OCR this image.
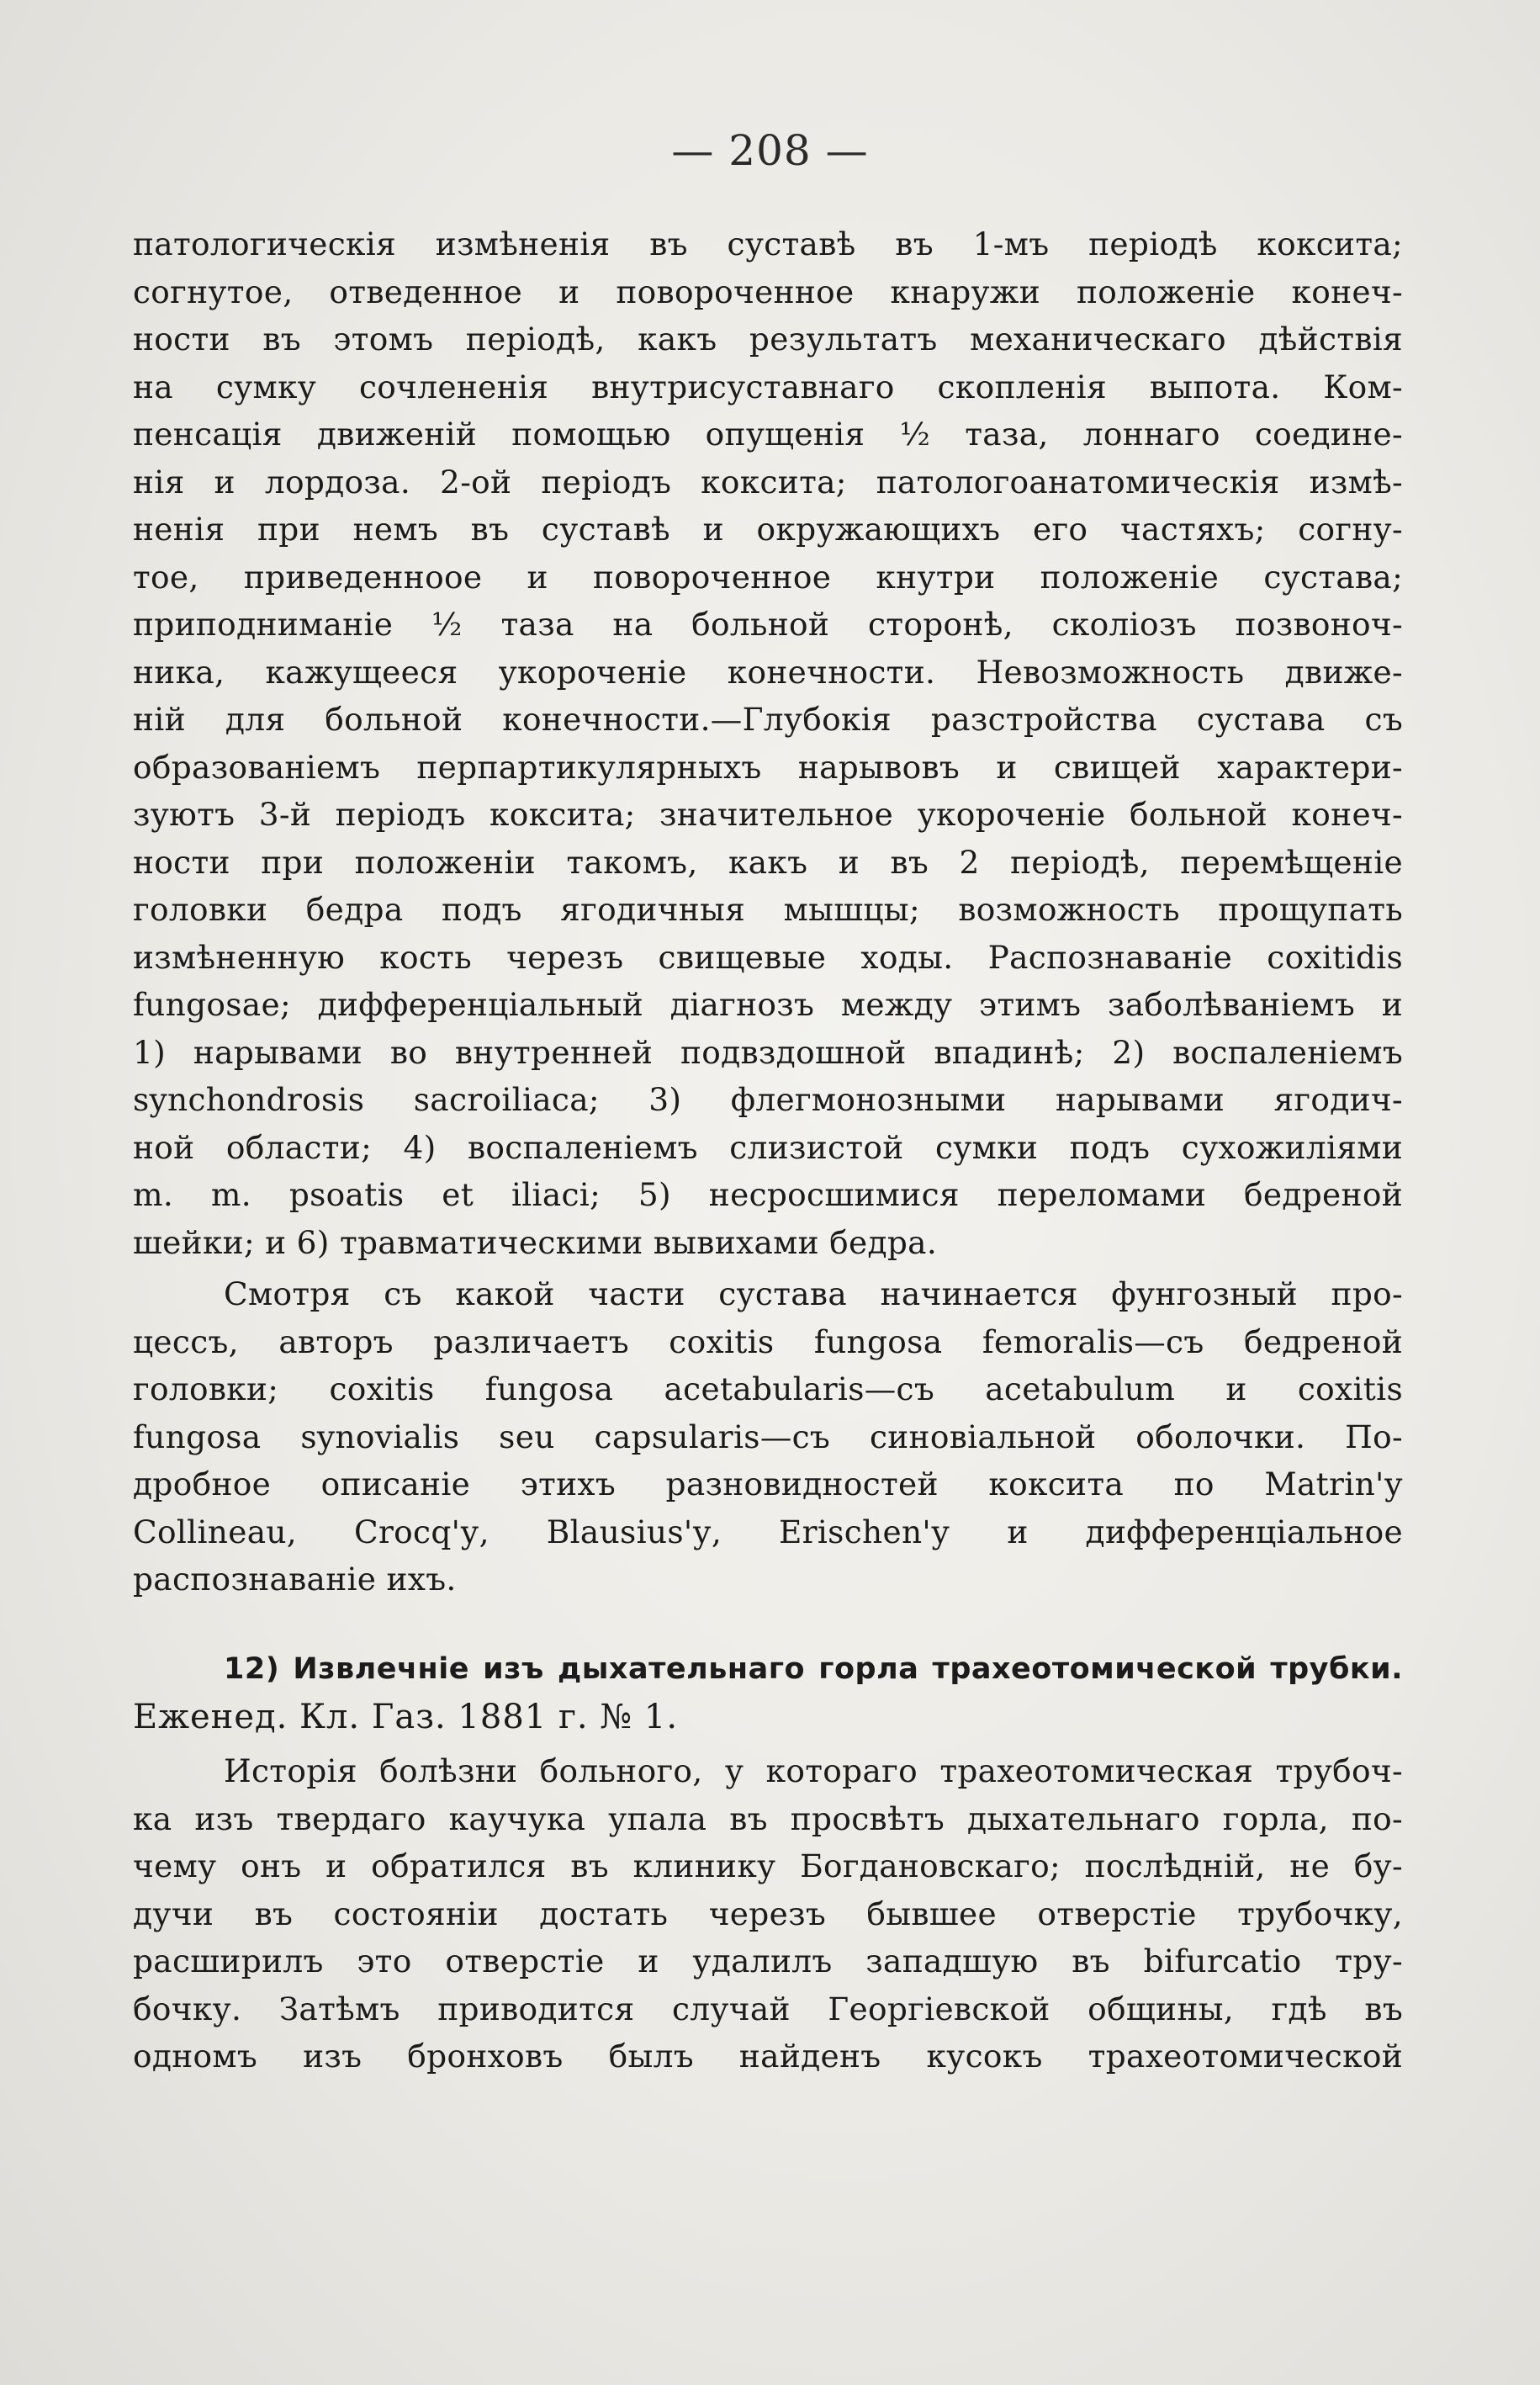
— 208 —
патологическія измѣненія въ суставѣ въ 1-мъ періодѣ коксита;
согнутое, отведенное и повороченное кнаружи положеніе конеч-
ности въ этомъ періодѣ, какъ результатъ механическаго дѣйствія
на сумку сочлененія внутрисуставнаго скопленія выпота. Ком-
пенсація движеній помощью опущенія ½ таза, лоннаго соедине-
нія и лордоза. 2-ой періодъ коксита; патологоанатомическія измѣ-
ненія при немъ въ суставѣ и окружающихъ его частяхъ; согну-
тое, приведенноое и повороченное кнутри положеніе сустава;
приподниманіе ½ таза на больной сторонѣ, сколіозъ позвоноч-
ника, кажущееся укороченіе конечности. Невозможность движе-
ній для больной конечности.—Глубокія разстройства сустава съ
образованіемъ перпартикулярныхъ нарывовъ и свищей характери-
зуютъ 3-й періодъ коксита; значительное укороченіе больной конеч-
ности при положеніи такомъ, какъ и въ 2 періодѣ, перемѣщеніе
головки бедра подъ ягодичныя мышцы; возможность прощупать
измѣненную кость черезъ свищевые ходы. Распознаваніе coxitidis
fungosae; дифференціальный діагнозъ между этимъ заболѣваніемъ и
1) нарывами во внутренней подвздошной впадинѣ; 2) воспаленіемъ
synchondrosis sacroiliaca; 3) флегмонозными нарывами ягодич-
ной области; 4) воспаленіемъ слизистой сумки подъ сухожиліями
m. m. psoatis et iliaci; 5) несросшимися переломами бедреной
шейки; и 6) травматическими вывихами бедра.
Смотря съ какой части сустава начинается фунгозный про-
цессъ, авторъ различаетъ coxitis fungosa femoralis—съ бедреной
головки; coxitis fungosa acetabularis—съ acetabulum и coxitis
fungosa synovialis seu capsularis—съ синовіальной оболочки. По-
дробное описаніе этихъ разновидностей коксита по Matrin'у
Collineau, Crocq'у, Blausius'у, Erischen'у и дифференціальное
распознаваніе ихъ.
12) Извлечніе изъ дыхательнаго горла трахеотомической трубки.
Еженед. Кл. Газ. 1881 г. № 1.
Исторія болѣзни больного, у котораго трахеотомическая трубоч-
ка изъ твердаго каучука упала въ просвѣтъ дыхательнаго горла, по-
чему онъ и обратился въ клинику Богдановскаго; послѣдній, не бу-
дучи въ состояніи достать черезъ бывшее отверстіе трубочку,
расширилъ это отверстіе и удалилъ западшую въ bifurcatio тру-
бочку. Затѣмъ приводится случай Георгіевской общины, гдѣ въ
одномъ изъ бронховъ былъ найденъ кусокъ трахеотомической
